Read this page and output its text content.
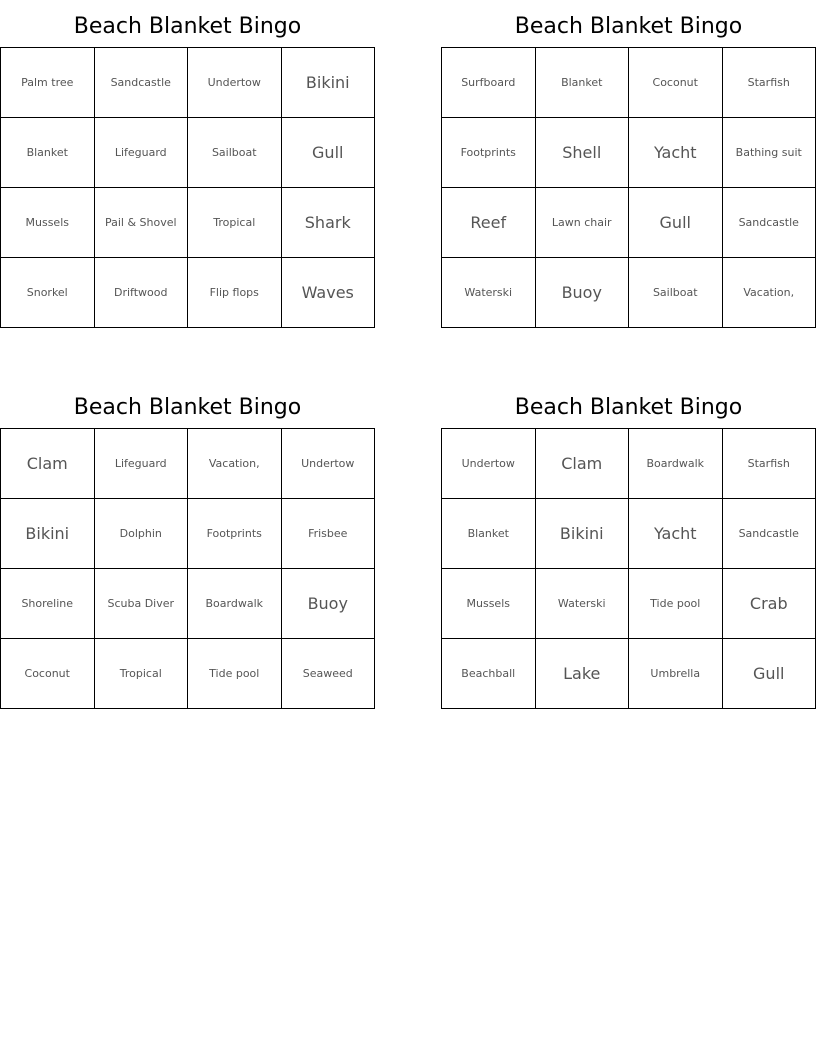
Beach Blanket Bingo
Palm tree	Sandcastle	Undertow	Bikini
Blanket	Lifeguard	Sailboat	Gull
Mussels	Pail & Shovel	Tropical	Shark
Snorkel	Driftwood	Flip flops	Waves
Beach Blanket Bingo
Surfboard	Blanket	Coconut	Starfish
Footprints	Shell	Yacht	Bathing suit
Reef	Lawn chair	Gull	Sandcastle
Waterski	Buoy	Sailboat	Vacation,
Beach Blanket Bingo
Clam	Lifeguard	Vacation,	Undertow
Bikini	Dolphin	Footprints	Frisbee
Shoreline	Scuba Diver	Boardwalk	Buoy
Coconut	Tropical	Tide pool	Seaweed
Beach Blanket Bingo
Undertow	Clam	Boardwalk	Starfish
Blanket	Bikini	Yacht	Sandcastle
Mussels	Waterski	Tide pool	Crab
Beachball	Lake	Umbrella	Gull
